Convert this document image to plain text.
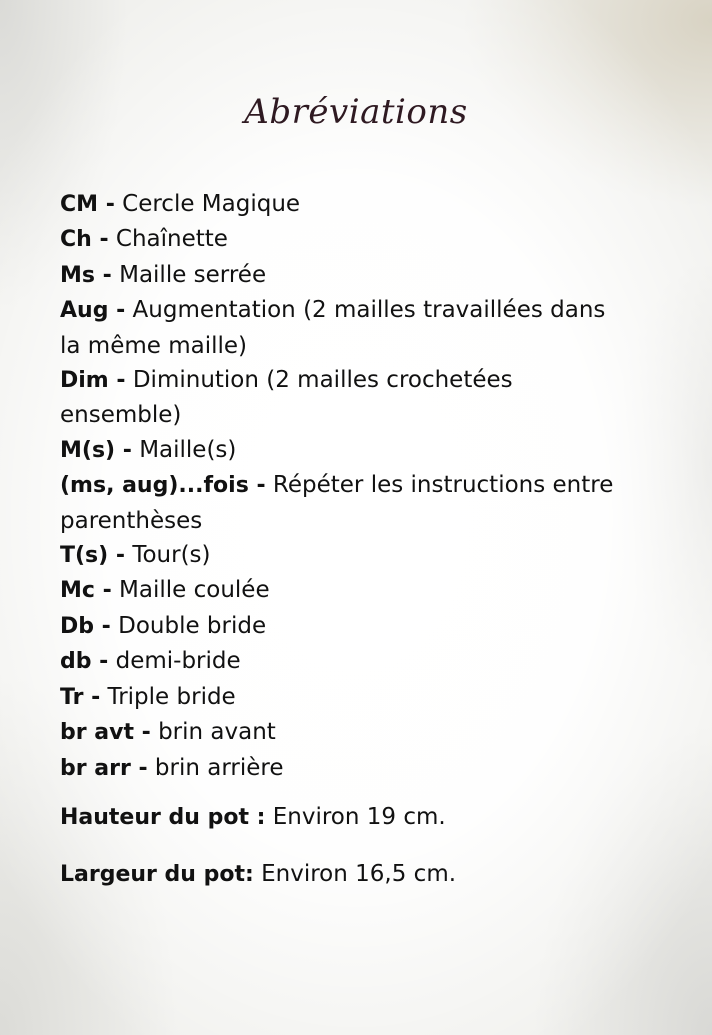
Abréviations
CM - Cercle Magique
Ch - Chaînette
Ms - Maille serrée
Aug - Augmentation (2 mailles travaillées dans la même maille)
Dim - Diminution (2 mailles crochetées ensemble)
M(s) - Maille(s)
(ms, aug)...fois - Répéter les instructions entre parenthèses
T(s) - Tour(s)
Mc - Maille coulée
Db - Double bride
db - demi-bride
Tr - Triple bride
br avt - brin avant
br arr - brin arrière

Hauteur du pot : Environ 19 cm.

Largeur du pot: Environ 16,5 cm.
